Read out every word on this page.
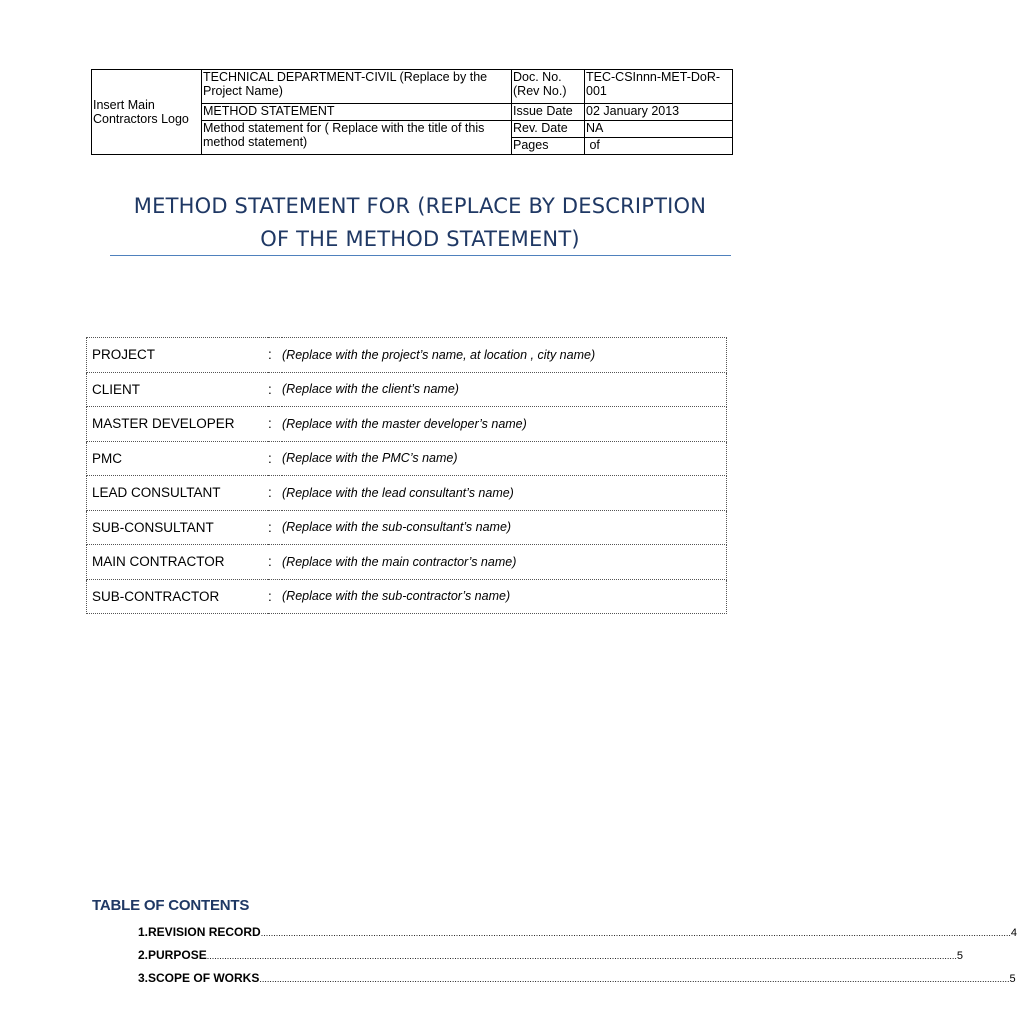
Insert Main Contractors Logo	TECHNICAL DEPARTMENT-CIVIL (Replace by the Project Name)	Doc. No. (Rev No.)	TEC-CSInnn-MET-DoR-001
	METHOD STATEMENT	Issue Date	02 January 2013
	Method statement for ( Replace with the title of this method statement)	Rev. Date	NA
		Pages	of
METHOD STATEMENT FOR (REPLACE BY DESCRIPTION
OF THE METHOD STATEMENT)
PROJECT	:	(Replace with the project’s name, at location , city name)
CLIENT	:	(Replace with the client’s name)
MASTER DEVELOPER	:	(Replace with the master developer’s name)
PMC	:	(Replace with the PMC’s name)
LEAD CONSULTANT	:	(Replace with the lead consultant’s name)
SUB-CONSULTANT	:	(Replace with the sub-consultant’s name)
MAIN CONTRACTOR	:	(Replace with the main contractor’s name)
SUB-CONTRACTOR	:	(Replace with the sub-contractor’s name)
TABLE OF CONTENTS
1. REVISION RECORD ............................................................................................................................................................................................................................................................................................................ 4
2. PURPOSE ............................................................................................................................................................................................................................................................................................................ 5
3. SCOPE OF WORKS ............................................................................................................................................................................................................................................................................................................ 5
